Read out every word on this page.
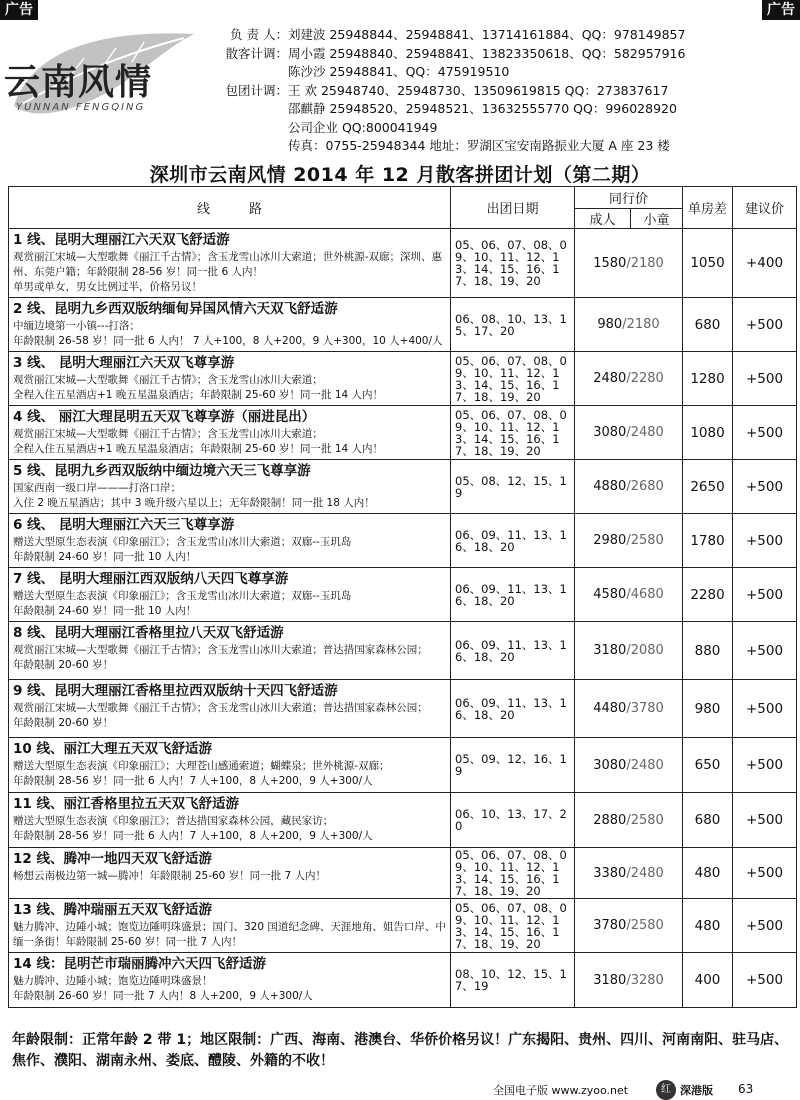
广告	广告
云南风情
YUNNAN FENGQING
负 责 人：刘建波 25948844、25948841、13714161884、QQ：978149857
散客计调：周小霞 25948840、25948841、13823350618、QQ：582957916
陈沙沙 25948841、QQ：475919510
包团计调：王 欢 25948740、25948730、13509619815 QQ：273837617
邵麒静 25948520、25948521、13632555770 QQ：996028920
公司企业 QQ:800041949
传真：0755-25948344 地址：罗湖区宝安南路振业大厦 A 座 23 楼
深圳市云南风情 2014 年 12 月散客拼团计划（第二期）
线　　　路	出团日期	同行价		单房差	建议价
		成人	小童		

1 线、昆明大理丽江六天双飞舒适游
观赏丽江宋城—大型歌舞《丽江千古情》；含玉龙雪山冰川大索道；世外桃源-双廊；深圳、惠州、东莞户籍；年龄限制 28-56 岁！同一批 6 人内！
单男或单女，男女比例过半，价格另议！	05、06、07、08、09、10、11、12、13、14、15、16、17、18、19、20	1580/2180		1050	+400

2 线、昆明九乡西双版纳缅甸异国风情六天双飞舒适游
中缅边境第一小镇---打洛；
年龄限制 26-58 岁！同一批 6 人内！ 7 人+100，8 人+200，9 人+300，10 人+400/人	06、08、10、13、15、17、20	980/2180		680	+500

3 线、 昆明大理丽江六天双飞尊享游
观赏丽江宋城—大型歌舞《丽江千古情》；含玉龙雪山冰川大索道；
全程入住五星酒店+1 晚五星温泉酒店；年龄限制 25-60 岁！同一批 14 人内！	05、06、07、08、09、10、11、12、13、14、15、16、17、18、19、20	2480/2280		1280	+500

4 线、 丽江大理昆明五天双飞尊享游（丽进昆出）
观赏丽江宋城—大型歌舞《丽江千古情》；含玉龙雪山冰川大索道；
全程入住五星酒店+1 晚五星温泉酒店；年龄限制 25-60 岁！同一批 14 人内！	05、06、07、08、09、10、11、12、13、14、15、16、17、18、19、20	3080/2480		1080	+500

5 线、昆明九乡西双版纳中缅边境六天三飞尊享游
国家西南一级口岸———打洛口岸；
入住 2 晚五星酒店；其中 3 晚升级六星以上；无年龄限制！同一批 18 人内！	05、08、12、15、19	4880/2680		2650	+500

6 线、 昆明大理丽江六天三飞尊享游
赠送大型原生态表演《印象丽江》；含玉龙雪山冰川大索道；双廊--玉玑岛
年龄限制 24-60 岁！同一批 10 人内！	06、09、11、13、16、18、20	2980/2580		1780	+500

7 线、 昆明大理丽江西双版纳八天四飞尊享游
赠送大型原生态表演《印象丽江》；含玉龙雪山冰川大索道；双廊--玉玑岛
年龄限制 24-60 岁！同一批 10 人内！	06、09、11、13、16、18、20	4580/4680		2280	+500

8 线、昆明大理丽江香格里拉八天双飞舒适游
观赏丽江宋城—大型歌舞《丽江千古情》；含玉龙雪山冰川大索道；普达措国家森林公园；
年龄限制 20-60 岁！	06、09、11、13、16、18、20	3180/2080		880	+500

9 线、昆明大理丽江香格里拉西双版纳十天四飞舒适游
观赏丽江宋城—大型歌舞《丽江千古情》；含玉龙雪山冰川大索道；普达措国家森林公园；
年龄限制 20-60 岁！	06、09、11、13、16、18、20	4480/3780		980	+500

10 线、丽江大理五天双飞舒适游
赠送大型原生态表演《印象丽江》；大理苍山感通索道；蝴蝶泉；世外桃源-双廊；
年龄限制 28-56 岁！同一批 6 人内！7 人+100，8 人+200，9 人+300/人	05、09、12、16、19	3080/2480		650	+500

11 线、丽江香格里拉五天双飞舒适游
赠送大型原生态表演《印象丽江》；普达措国家森林公园，藏民家访；
年龄限制 28-56 岁！同一批 6 人内！7 人+100，8 人+200，9 人+300/人	06、10、13、17、20	2880/2580		680	+500

12 线、腾冲一地四天双飞舒适游
畅想云南极边第一城—腾冲！年龄限制 25-60 岁！同一批 7 人内！	05、06、07、08、09、10、11、12、13、14、15、16、17、18、19、20	3380/2480		480	+500

13 线、腾冲瑞丽五天双飞舒适游
魅力腾冲、边陲小城；饱览边陲明珠盛景；国门、320 国道纪念碑、天涯地角、姐告口岸、中缅一条街！年龄限制 25-60 岁！同一批 7 人内！	05、06、07、08、09、10、11、12、13、14、15、16、17、18、19、20	3780/2580		480	+500

14 线：昆明芒市瑞丽腾冲六天四飞舒适游
魅力腾冲、边陲小城；饱览边陲明珠盛景！
年龄限制 26-60 岁！同一批 7 人内！8 人+200，9 人+300/人	08、10、12、15、17、19	3180/3280		400	+500
年龄限制：正常年龄 2 带 1；地区限制：广西、海南、港澳台、华侨价格另议！广东揭阳、贵州、四川、河南南阳、驻马店、焦作、濮阳、湖南永州、娄底、醴陵、外籍的不收！
全国电子版 www.zyoo.net	红 深港版 63
